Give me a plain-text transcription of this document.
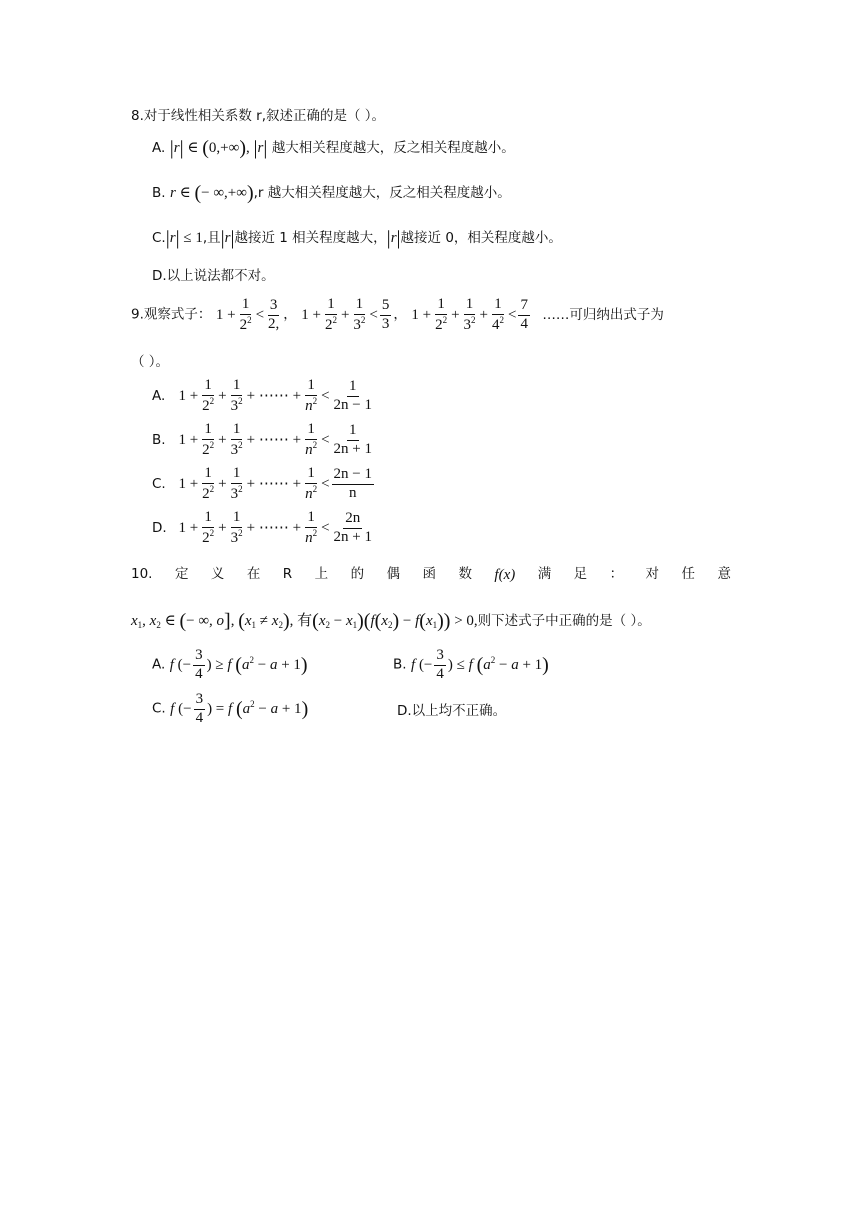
8.对于线性相关系数 r,叙述正确的是（ ）。
A. |r| ∈ (0,+∞), |r| 越大相关程度越大，反之相关程度越小。
B. r ∈ (− ∞,+∞),r 越大相关程度越大，反之相关程度越小。
C.|r| ≤ 1,且|r|越接近 1 相关程度越大，|r|越接近 0，相关程度越小。
D.以上说法都不对。
9.观察式子： $1 + \frac{1}{2^2} < \frac{3}{2,}$ ， $1 + \frac{1}{2^2} + \frac{1}{3^2} < \frac{5}{3}$ ， $1 + \frac{1}{2^2} + \frac{1}{3^2} + \frac{1}{4^2} < \frac{7}{4}$ ……可归纳出式子为
（ ）。
A. $1 + \frac{1}{2^2} + \frac{1}{3^2}$ + ⋯⋯ + $\frac{1}{n^2} < \frac{1}{2n - 1}$
B. $1 + \frac{1}{2^2} + \frac{1}{3^2}$ + ⋯⋯ + $\frac{1}{n^2} < \frac{1}{2n + 1}$
C. $1 + \frac{1}{2^2} + \frac{1}{3^2}$ + ⋯⋯ + $\frac{1}{n^2} < \frac{2n - 1}{n}$
D. $1 + \frac{1}{2^2} + \frac{1}{3^2}$ + ⋯⋯ + $\frac{1}{n^2} < \frac{2n}{2n + 1}$
10. 定 义 在 R 上 的 偶 函 数 f(x) 满 足 ： 对 任 意
$x_1$, $x_2$ ∈ (− ∞, o], $(x_1 \ne x_2)$, 有$(x_2 - x_1)(f(x_2) - f(x_1)) > 0$,则下述式子中正确的是（ ）。
A. f (− $\frac{3}{4}$ ) ≥ f $(a^2 - a + 1)$	B. f (− $\frac{3}{4}$ ) ≤ f $(a^2 - a + 1)$
C. f (− $\frac{3}{4}$ ) = f $(a^2 - a + 1)$	D.以上均不正确。
